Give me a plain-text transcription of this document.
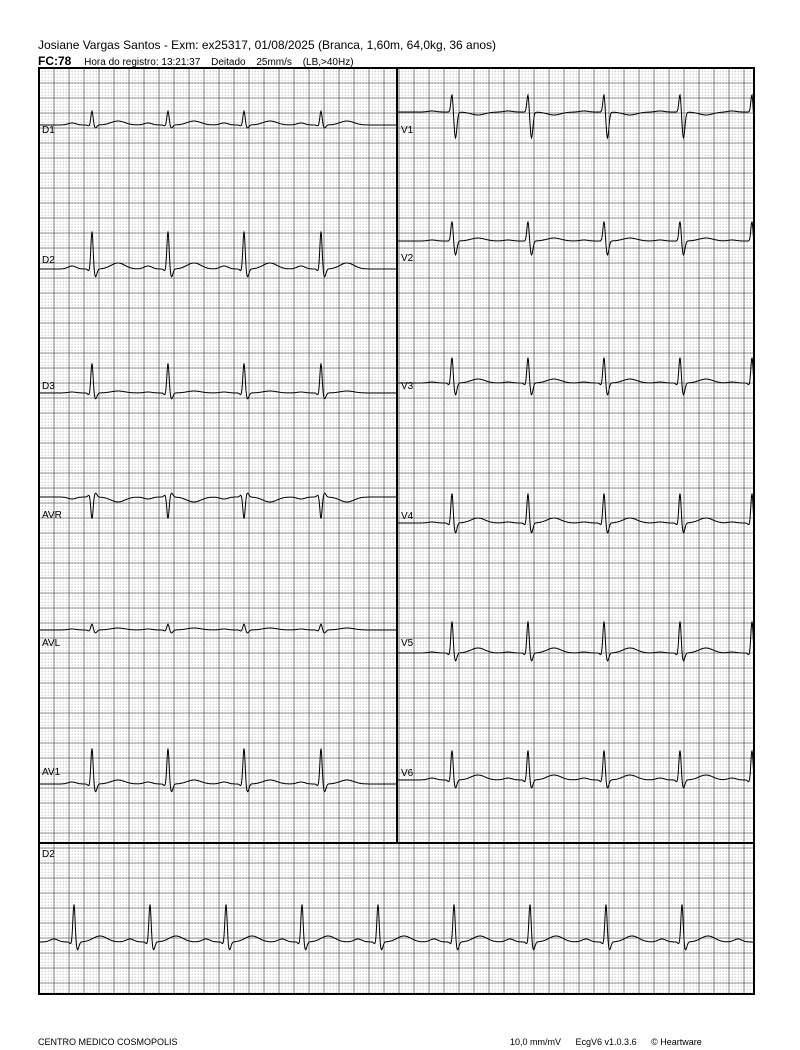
Josiane Vargas Santos - Exm: ex25317, 01/08/2025 (Branca, 1,60m, 64,0kg, 36 anos)
FC:78 Hora do registro: 13:21:37 Deitado 25mm/s (LB,>40Hz)
D1
D2
D3
AVR
AVL
AV1
V1
V2
V3
V4
V5
V6
D2
CENTRO MEDICO COSMOPOLIS	10,0 mm/mV EcgV6 v1.0.3.6 © Heartware
